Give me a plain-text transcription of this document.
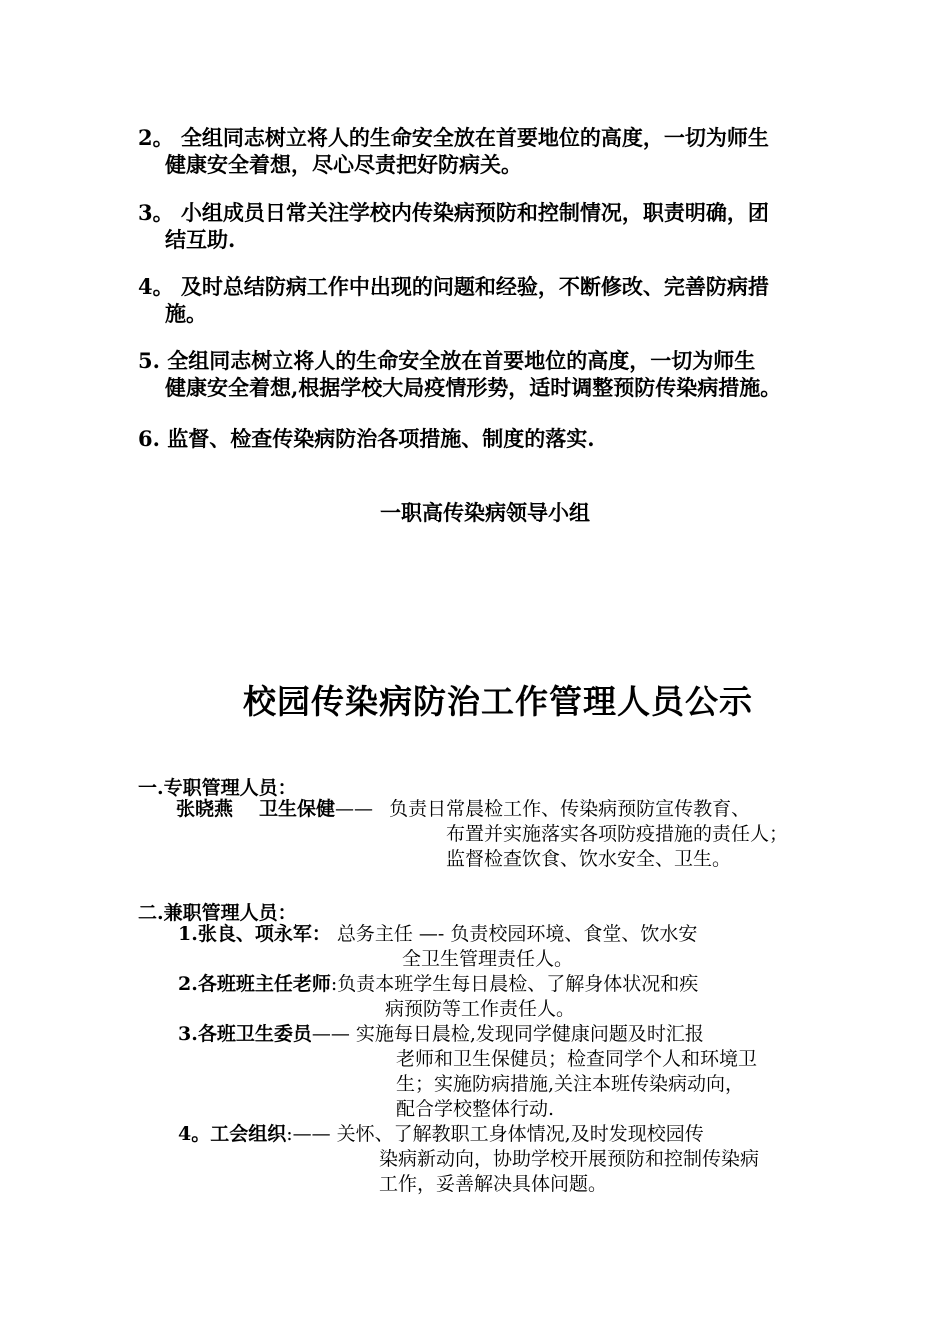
2。 全组同志树立将人的生命安全放在首要地位的高度，一切为师生
健康安全着想，尽心尽责把好防病关。
3。 小组成员日常关注学校内传染病预防和控制情况，职责明确，团
结互助.
4。 及时总结防病工作中出现的问题和经验，不断修改、完善防病措
施。
5. 全组同志树立将人的生命安全放在首要地位的高度，一切为师生
健康安全着想,根据学校大局疫情形势，适时调整预防传染病措施。
6. 监督、检查传染病防治各项措施、制度的落实.
一职高传染病领导小组
校园传染病防治工作管理人员公示
一.专职管理人员：
张晓燕 卫生保健—— 负责日常晨检工作、传染病预防宣传教育、
布置并实施落实各项防疫措施的责任人；
监督检查饮食、饮水安全、卫生。
二.兼职管理人员：
1.张良、项永军： 总务主任 —- 负责校园环境、食堂、饮水安
全卫生管理责任人。
2.各班班主任老师:负责本班学生每日晨检、了解身体状况和疾
病预防等工作责任人。
3.各班卫生委员—— 实施每日晨检,发现同学健康问题及时汇报
老师和卫生保健员；检查同学个人和环境卫
生；实施防病措施,关注本班传染病动向，
配合学校整体行动.
4。工会组织:—— 关怀、了解教职工身体情况,及时发现校园传
染病新动向，协助学校开展预防和控制传染病
工作，妥善解决具体问题。
